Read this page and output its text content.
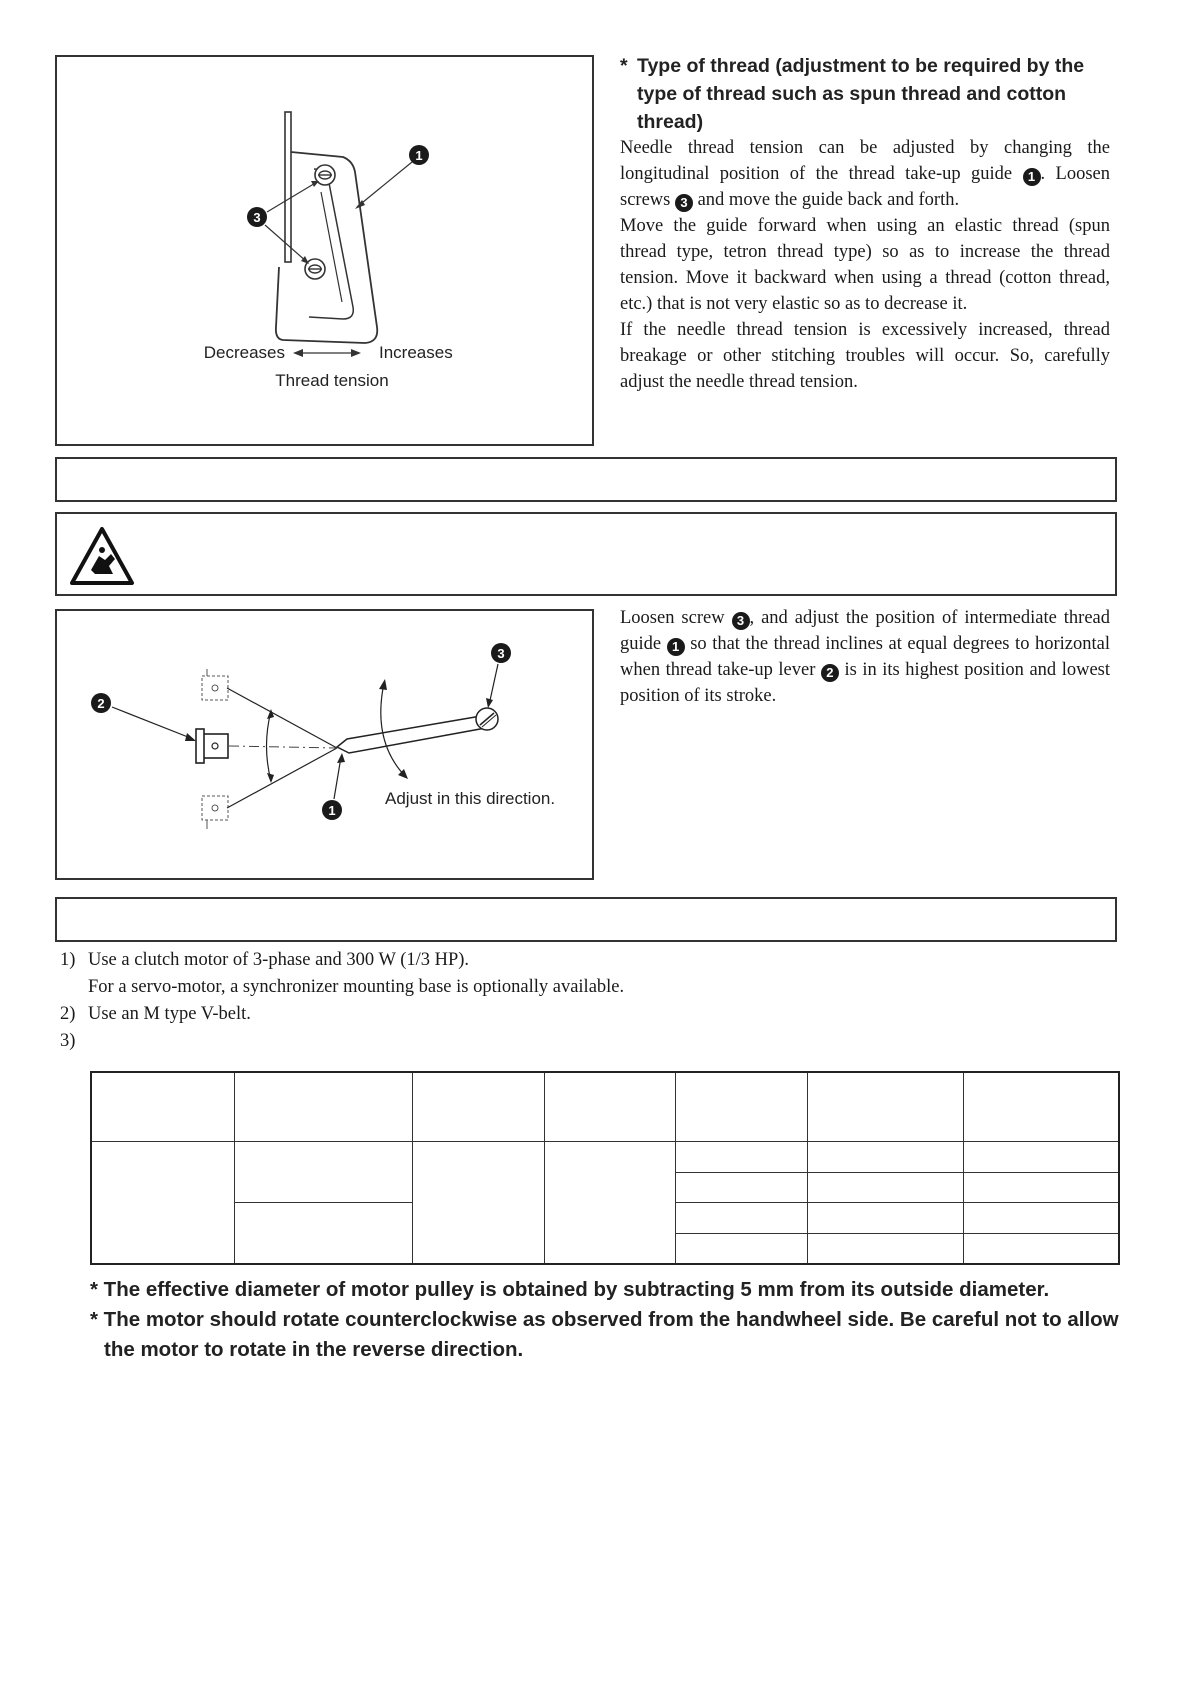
1
3
Decreases	Increases
Thread tension
* Type of thread (adjustment to be required by the
type of thread such as spun thread and cotton
thread)

Needle thread tension can be adjusted by changing the longitudinal position of the thread take-up guide 1 . Loosen screws 3 and move the guide back and forth.

Move the guide forward when using an elastic thread (spun thread type, tetron thread type) so as to increase the thread tension. Move it backward when using a thread (cotton thread, etc.) that is not very elastic so as to decrease it.

If the needle thread tension is excessively increased, thread breakage or other stitching troubles will occur. So, carefully adjust the needle thread tension.

2
3
1
Adjust in this direction.

Loosen screw 3 , and adjust the position of intermediate thread guide 1 so that the thread inclines at equal degrees to horizontal when thread take-up lever 2 is in its highest position and lowest position of its stroke.

1) Use a clutch motor of 3-phase and 300 W (1/3 HP).
For a servo-motor, a synchronizer mounting base is optionally available.
2) Use an M type V-belt.
3)

* The effective diameter of motor pulley is obtained by subtracting 5 mm from its outside diameter.
* The motor should rotate counterclockwise as observed from the handwheel side. Be careful not to allow
the motor to rotate in the reverse direction.
